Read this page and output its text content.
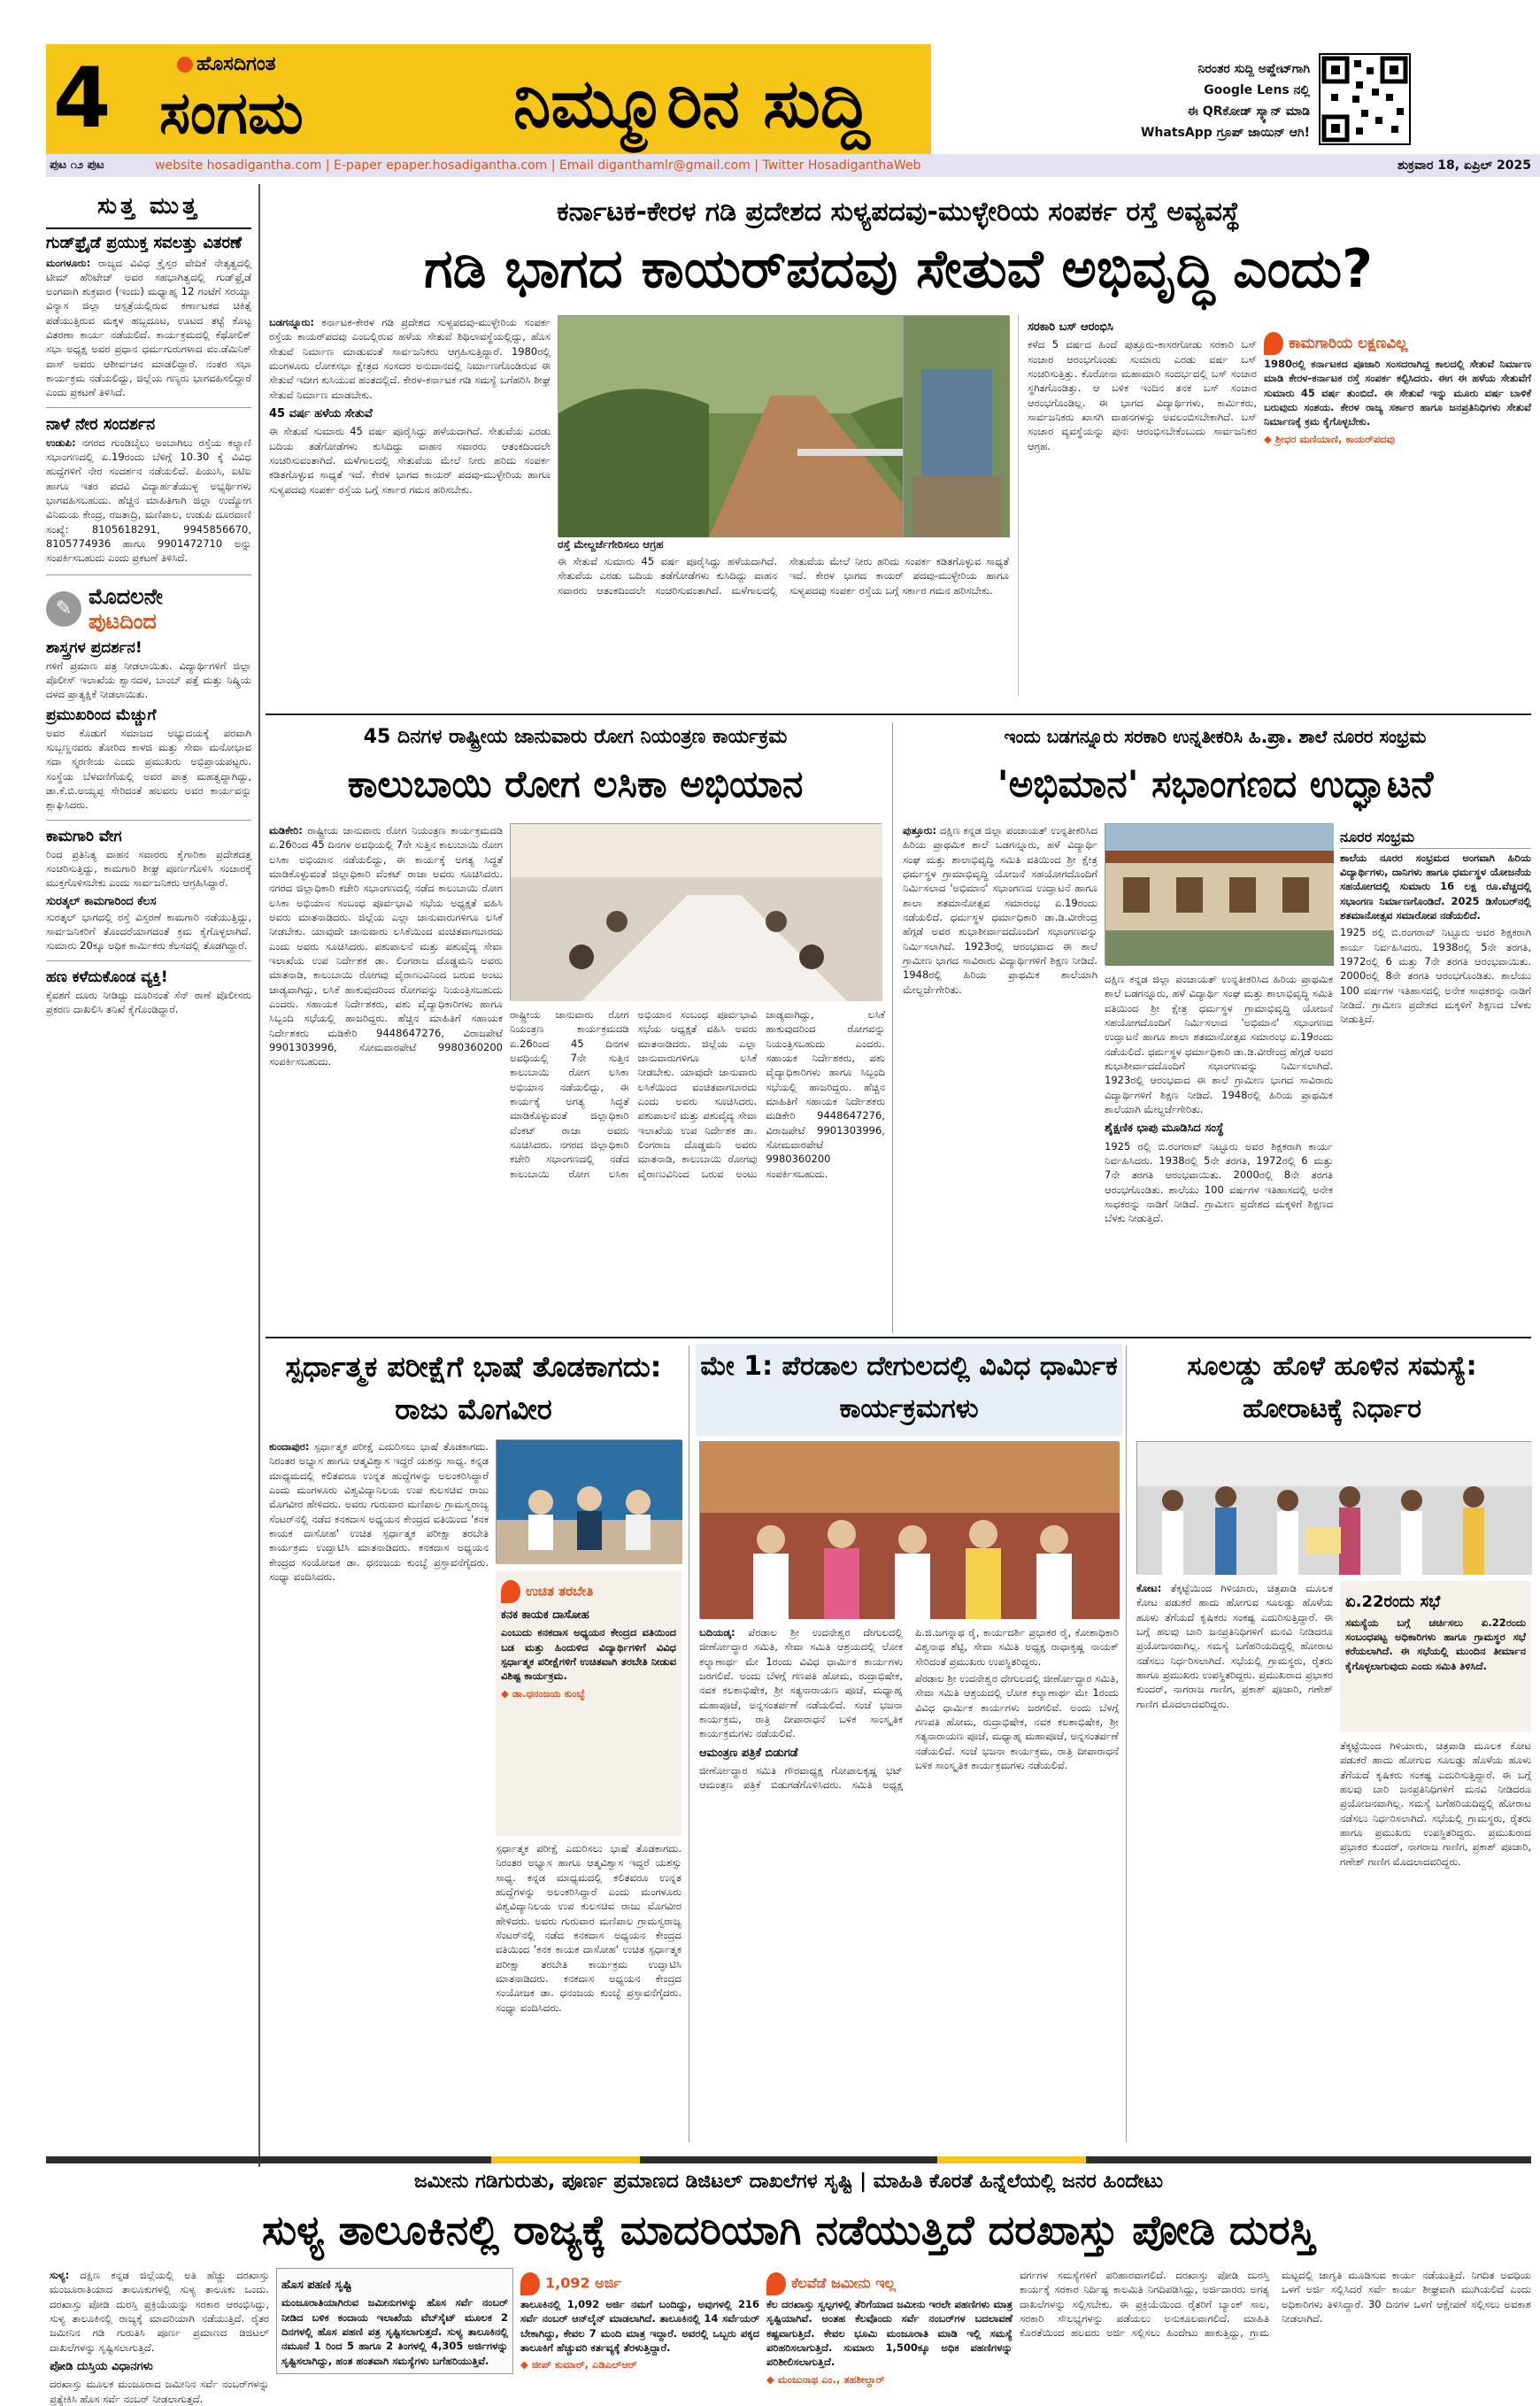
4	ಹೊಸದಿಗಂತ
ಸಂಗಮ	ನಿಮ್ಮೂರಿನ ಸುದ್ದಿ	ನಿರಂತರ ಸುದ್ದಿ ಅಪ್ಡೇಟ್‌ಗಾಗಿ
Google Lens ನಲ್ಲಿ
ಈ QRಕೋಡ್ ಸ್ಕ್ಯಾನ್ ಮಾಡಿ
WhatsApp ಗ್ರೂಪ್ ಜಾಯಿನ್ ಆಗಿ!
ಪುಟ ೧೨ ಪುಟ	website hosadigantha.com | E-paper epaper.hosadigantha.com | Email diganthamlr@gmail.com | Twitter HosadiganthaWeb	ಶುಕ್ರವಾರ 18, ಏಪ್ರಿಲ್ 2025
ಸುತ್ತ ಮುತ್ತ
ಗುಡ್‌ಫ್ರೈಡೆ ಪ್ರಯುಕ್ತ ಸವಲತ್ತು ವಿತರಣೆ
ಮಂಗಳೂರು: ರಾಜ್ಯದ ವಿವಿಧ ಕ್ರೈಸ್ತರ ವೇದಿಕೆ ನೇತೃತ್ವದಲ್ಲಿ ಟೀಮ್ ಹೆರಿಟೇಜ್ ಅವರ ಸಹಭಾಗಿತ್ವದಲ್ಲಿ ಗುಡ್‌ಫ್ರೈಡೆ ಅಂಗವಾಗಿ ಶುಕ್ರವಾರ (ಇಂದು) ಮಧ್ಯಾಹ್ನ 12 ಗಂಟೆಗೆ ಸರಯ್ಯಾ ವಿನ್ಯಾಸ ಜಿಲ್ಲಾ ಆಸ್ಪತ್ರೆಯಲ್ಲಿರುವ ಕರ್ಣಾಟಕದ ಚಿಕಿತ್ಸೆ ಪಡೆಯುತ್ತಿರುವ ಮಕ್ಕಳ ಹಬ್ಬದೂಟ, ಊಟದ ತಟ್ಟೆ ಕೊಟ್ಟ ವಿತರಣಾ ಕಾರ್ಯ ನಡೆಯಲಿದೆ. ಕಾರ್ಯಕ್ರಮದಲ್ಲಿ ಕೆಥೋಲಿಕ್ ಸಭಾ ಅಧ್ಯಕ್ಷ ಅವರ ಪ್ರಧಾನ ಧರ್ಮಗುರುಗಳಾದ ವಂ.ಡೆಮಿನಿಕ್ ವಾಸ್ ಅವರು ಆಶೀರ್ವಚನ ಮಾಡಲಿದ್ದಾರೆ. ನಂತರ ಸಭಾ ಕಾರ್ಯಕ್ರಮ ನಡೆಯಲಿದ್ದು, ಜಿಲ್ಲೆಯ ಗಣ್ಯರು ಭಾಗವಹಿಸಲಿದ್ದಾರೆ ಎಂದು ಪ್ರಕಟಣೆ ತಿಳಿಸಿದೆ.
ನಾಳೆ ನೇರ ಸಂದರ್ಶನ
ಉಡುಪಿ: ನಗರದ ಗುಂಡಿಬೈಲು ಅಂಬಾಗಿಲು ರಸ್ತೆಯ ಕಲ್ಯಾಣಿ ಸಭಾಂಗಣದಲ್ಲಿ ಏ.19ರಂದು ಬೆಳಿಗ್ಗೆ 10.30 ಕ್ಕೆ ವಿವಿಧ ಹುದ್ದೆಗಳಿಗೆ ನೇರ ಸಂದರ್ಶನ ನಡೆಯಲಿದೆ. ಪಿಯುಸಿ, ಐಟಿಐ ಹಾಗೂ ಇತರ ಪದವಿ ವಿದ್ಯಾರ್ಹತೆಯುಳ್ಳ ಅಭ್ಯರ್ಥಿಗಳು ಭಾಗವಹಿಸಬಹುದು. ಹೆಚ್ಚಿನ ಮಾಹಿತಿಗಾಗಿ ಜಿಲ್ಲಾ ಉದ್ಯೋಗ ವಿನಿಮಯ ಕೇಂದ್ರ, ರಜತಾದ್ರಿ, ಮಣಿಪಾಲ, ಉಡುಪಿ ದೂರವಾಣಿ ಸಂಖ್ಯೆ: 8105618291, 9945856670, 8105774936 ಹಾಗೂ 9901472710 ಅನ್ನು ಸಂಪರ್ಕಿಸಬಹುದು ಎಂದು ಪ್ರಕಟಣೆ ತಿಳಿಸಿದೆ.
✎ ಮೊದಲನೇ
ಪುಟದಿಂದ
ಶಾಸ್ತ್ರಗಳ ಪ್ರದರ್ಶನ!
ಗಳಿಗೆ ಪ್ರಮಾಣ ಪತ್ರ ನೀಡಲಾಯಿತು. ವಿದ್ಯಾರ್ಥಿಗಳಿಗೆ ಜಿಲ್ಲಾ ಪೊಲೀಸ್ ಇಲಾಖೆಯ ಶ್ವಾನದಳ, ಬಾಂಬ್ ಪತ್ತೆ ಮತ್ತು ನಿಷ್ಕ್ರಿಯ ದಳದ ಪ್ರಾತ್ಯಕ್ಷಿಕೆ ನೀಡಲಾಯಿತು.
ಪ್ರಮುಖರಿಂದ ಮೆಚ್ಚುಗೆ
ಅವರ ಕೊಡುಗೆ ಸಮಾಜದ ಅಭ್ಯುದಯಕ್ಕೆ ಪರವಾಗಿ ಸುಬ್ಬಣ್ಣನವರು ತೋರಿದ ಕಾಳಜಿ ಮತ್ತು ಸೇವಾ ಮನೋಭಾವ ಸದಾ ಸ್ಮರಣೀಯ ಎಂದು ಪ್ರಮುಖರು ಅಭಿಪ್ರಾಯಪಟ್ಟರು. ಸಂಸ್ಥೆಯ ಬೆಳವಣಿಗೆಯಲ್ಲಿ ಅವರ ಪಾತ್ರ ಮಹತ್ವದ್ದಾಗಿದ್ದು, ಡಾ.ಕೆ.ಬಿ.ಅಯ್ಯಪ್ಪ ಸೇರಿದಂತೆ ಹಲವರು ಅವರ ಕಾರ್ಯವನ್ನು ಶ್ಲಾಘಿಸಿದರು.
ಕಾಮಗಾರಿ ವೇಗ
ರಿಂದ ಪ್ರತಿನಿತ್ಯ ವಾಹನ ಸವಾರರು ಕೈಗಾರಿಕಾ ಪ್ರದೇಶದತ್ತ ಸಂಚರಿಸುತ್ತಿದ್ದು, ಕಾಮಗಾರಿ ಶೀಘ್ರ ಪೂರ್ಣಗೊಳಿಸಿ ಸಂಚಾರಕ್ಕೆ ಮುಕ್ತಗೊಳಿಸಬೇಕು ಎಂದು ಸಾರ್ವಜನಿಕರು ಆಗ್ರಹಿಸಿದ್ದಾರೆ.
ಸುರತ್ಕಲ್ ಕಾಮಗಾರಿಂದ ಕೆಲಸ
ಸುರತ್ಕಲ್ ಭಾಗದಲ್ಲಿ ರಸ್ತೆ ವಿಸ್ತರಣೆ ಕಾಮಗಾರಿ ನಡೆಯುತ್ತಿದ್ದು, ಸಾರ್ವಜನಿಕರಿಗೆ ತೊಂದರೆಯಾಗದಂತೆ ಕ್ರಮ ಕೈಗೊಳ್ಳಲಾಗಿದೆ. ಸುಮಾರು 20ಕ್ಕೂ ಅಧಿಕ ಕಾರ್ಮಿಕರು ಕೆಲಸದಲ್ಲಿ ತೊಡಗಿದ್ದಾರೆ.
ಹಣ ಕಳೆದುಕೊಂಡ ವ್ಯಕ್ತಿ!
ಕೈವಶಗೆ ದೂರು ನೀಡಿದ್ದು ದೂರಿನಂತೆ ಸೆನ್ ಠಾಣೆ ಪೊಲೀಸರು ಪ್ರಕರಣ ದಾಖಲಿಸಿ ತನಿಖೆ ಕೈಗೊಂಡಿದ್ದಾರೆ.
ಕರ್ನಾಟಕ-ಕೇರಳ ಗಡಿ ಪ್ರದೇಶದ ಸುಳ್ಯಪದವು-ಮುಳ್ಳೇರಿಯ ಸಂಪರ್ಕ ರಸ್ತೆ ಅವ್ಯವಸ್ಥೆ
ಗಡಿ ಭಾಗದ ಕಾಯರ್‌ಪದವು ಸೇತುವೆ ಅಭಿವೃದ್ಧಿ ಎಂದು?

ಬಡಗನ್ನೂರು: ಕರ್ನಾಟಕ-ಕೇರಳ ಗಡಿ ಪ್ರದೇಶದ ಸುಳ್ಯಪದವು-ಮುಳ್ಳೇರಿಯ ಸಂಪರ್ಕ ರಸ್ತೆಯ ಕಾಯರ್‌ಪದವು ಎಂಬಲ್ಲಿರುವ ಹಳೆಯ ಸೇತುವೆ ಶಿಥಿಲಾವಸ್ಥೆಯಲ್ಲಿದ್ದು, ಹೊಸ ಸೇತುವೆ ನಿರ್ಮಾಣ ಮಾಡುವಂತೆ ಸಾರ್ವಜನಿಕರು ಆಗ್ರಹಿಸುತ್ತಿದ್ದಾರೆ. 1980ರಲ್ಲಿ ಮಂಗಳೂರು ಲೋಕಸಭಾ ಕ್ಷೇತ್ರದ ಸಂಸದರ ಅನುದಾನದಲ್ಲಿ ನಿರ್ಮಾಣಗೊಂಡಿರುವ ಈ ಸೇತುವೆ ಇದೀಗ ಕುಸಿಯುವ ಹಂತದಲ್ಲಿದೆ. ಕೇರಳ-ಕರ್ನಾಟಕ ಗಡಿ ಸಮಸ್ಯೆ ಬಗೆಹರಿಸಿ ಶೀಘ್ರ ಸೇತುವೆ ನಿರ್ಮಾಣ ಮಾಡಬೇಕು.

45 ವರ್ಷ ಹಳೆಯ ಸೇತುವೆ

ಈ ಸೇತುವೆ ಸುಮಾರು 45 ವರ್ಷ ಪೂರೈಸಿದ್ದು ಹಳೆಯದಾಗಿದೆ. ಸೇತುವೆಯ ಎರಡು ಬದಿಯ ತಡೆಗೋಡೆಗಳು ಕುಸಿದಿದ್ದು ವಾಹನ ಸವಾರರು ಆತಂಕದಿಂದಲೇ ಸಂಚರಿಸುವಂತಾಗಿದೆ. ಮಳೆಗಾಲದಲ್ಲಿ ಸೇತುವೆಯ ಮೇಲೆ ನೀರು ಹರಿದು ಸಂಪರ್ಕ ಕಡಿತಗೊಳ್ಳುವ ಸಾಧ್ಯತೆ ಇದೆ. ಕೇರಳ ಭಾಗದ ಕಾಯರ್ ಪದವು-ಮುಳ್ಳೇರಿಯ ಹಾಗೂ ಸುಳ್ಯಪದವು ಸಂಪರ್ಕ ರಸ್ತೆಯ ಬಗ್ಗೆ ಸರ್ಕಾರ ಗಮನ ಹರಿಸಬೇಕು.

ರಸ್ತೆ ಮೇಲ್ದರ್ಜೆಗೇರಿಸಲು ಆಗ್ರಹ

ಈ ಸೇತುವೆ ಸುಮಾರು 45 ವರ್ಷ ಪೂರೈಸಿದ್ದು ಹಳೆಯದಾಗಿದೆ. ಸೇತುವೆಯ ಎರಡು ಬದಿಯ ತಡೆಗೋಡೆಗಳು ಕುಸಿದಿದ್ದು ವಾಹನ ಸವಾರರು ಆತಂಕದಿಂದಲೇ ಸಂಚರಿಸುವಂತಾಗಿದೆ. ಮಳೆಗಾಲದಲ್ಲಿ ಸೇತುವೆಯ ಮೇಲೆ ನೀರು ಹರಿದು ಸಂಪರ್ಕ ಕಡಿತಗೊಳ್ಳುವ ಸಾಧ್ಯತೆ ಇದೆ. ಕೇರಳ ಭಾಗದ ಕಾಯರ್ ಪದವು-ಮುಳ್ಳೇರಿಯ ಹಾಗೂ ಸುಳ್ಯಪದವು ಸಂಪರ್ಕ ರಸ್ತೆಯ ಬಗ್ಗೆ ಸರ್ಕಾರ ಗಮನ ಹರಿಸಬೇಕು.

ಸರಕಾರಿ ಬಸ್ ಆರಂಭಿಸಿ

ಕಳೆದ 5 ವರ್ಷದ ಹಿಂದೆ ಪುತ್ತೂರು-ಕಾಸರಗೋಡು ಸರಕಾರಿ ಬಸ್ ಸಂಚಾರ ಆರಂಭಗೊಂಡು ಸುಮಾರು ಎರಡು ವರ್ಷ ಬಸ್ ಸಂಚರಿಸುತ್ತಿತ್ತು. ಕೊರೋನಾ ಮಹಾಮಾರಿ ಸಂದರ್ಭದಲ್ಲಿ ಬಸ್ ಸಂಚಾರ ಸ್ಥಗಿತಗೊಂಡಿತ್ತು. ಆ ಬಳಿಕ ಇಂದಿನ ತನಕ ಬಸ್ ಸಂಚಾರ ಆರಂಭಗೊಂಡಿಲ್ಲ. ಈ ಭಾಗದ ವಿದ್ಯಾರ್ಥಿಗಳು, ಕಾರ್ಮಿಕರು, ಸಾರ್ವಜನಿಕರು ಖಾಸಗಿ ವಾಹನಗಳನ್ನು ಅವಲಂಬಿಸಬೇಕಾಗಿದೆ. ಬಸ್ ಸಂಚಾರ ವ್ಯವಸ್ಥೆಯನ್ನು ಪುನಃ ಆರಂಭಿಸಬೇಕೆಂಬುದು ಸಾರ್ವಜನಿಕರ ಆಗ್ರಹ.

ಕಾಮಗಾರಿಯ ಲಕ್ಷಣವಿಲ್ಲ

1980ರಲ್ಲಿ ಕರ್ನಾಟಕದ ಪೂಜಾರಿ ಸಂಸದರಾಗಿದ್ದ ಕಾಲದಲ್ಲಿ ಸೇತುವೆ ನಿರ್ಮಾಣ ಮಾಡಿ ಕೇರಳ-ಕರ್ನಾಟಕ ರಸ್ತೆ ಸಂಪರ್ಕ ಕಲ್ಪಿಸಿದರು. ಈಗ ಈ ಹಳೆಯ ಸೇತುವೆಗೆ ಸುಮಾರು 45 ವರ್ಷ ತುಂಬಿದೆ. ಈ ಸೇತುವೆ ಇನ್ನು ಮೂರು ವರ್ಷ ಬಾಳಿಕೆ ಬರುವುದು ಸಂಶಯ. ಕೇರಳ ರಾಜ್ಯ ಸರ್ಕಾರ ಹಾಗೂ ಜನಪ್ರತಿನಿಧಿಗಳು ಸೇತುವೆ ನಿರ್ಮಾಣಕ್ಕೆ ಕ್ರಮ ಕೈಗೊಳ್ಳಬೇಕು.

◆ ಶ್ರೀಧರ ಮಣಿಯಾಣಿ, ಕಾಯರ್‌ಪದವು

45 ದಿನಗಳ ರಾಷ್ಟ್ರೀಯ ಜಾನುವಾರು ರೋಗ ನಿಯಂತ್ರಣ ಕಾರ್ಯಕ್ರಮ
ಕಾಲುಬಾಯಿ ರೋಗ ಲಸಿಕಾ ಅಭಿಯಾನ

ಮಡಿಕೇರಿ: ರಾಷ್ಟ್ರೀಯ ಜಾನುವಾರು ರೋಗ ನಿಯಂತ್ರಣ ಕಾರ್ಯಕ್ರಮದಡಿ ಏ.26ರಿಂದ 45 ದಿನಗಳ ಅವಧಿಯಲ್ಲಿ 7ನೇ ಸುತ್ತಿನ ಕಾಲುಬಾಯಿ ರೋಗ ಲಸಿಕಾ ಅಭಿಯಾನ ನಡೆಯಲಿದ್ದು, ಈ ಕಾರ್ಯಕ್ಕೆ ಅಗತ್ಯ ಸಿದ್ಧತೆ ಮಾಡಿಕೊಳ್ಳುವಂತೆ ಜಿಲ್ಲಾಧಿಕಾರಿ ವೆಂಕಟ್ ರಾಜಾ ಅವರು ಸೂಚಿಸಿದರು. ನಗರದ ಜಿಲ್ಲಾಧಿಕಾರಿ ಕಚೇರಿ ಸಭಾಂಗಣದಲ್ಲಿ ನಡೆದ ಕಾಲುಬಾಯಿ ರೋಗ ಲಸಿಕಾ ಅಭಿಯಾನ ಸಂಬಂಧ ಪೂರ್ವಭಾವಿ ಸಭೆಯ ಅಧ್ಯಕ್ಷತೆ ವಹಿಸಿ ಅವರು ಮಾತನಾಡಿದರು. ಜಿಲ್ಲೆಯ ಎಲ್ಲಾ ಜಾನುವಾರುಗಳಿಗೂ ಲಸಿಕೆ ನೀಡಬೇಕು. ಯಾವುದೇ ಜಾನುವಾರು ಲಸಿಕೆಯಿಂದ ವಂಚಿತವಾಗಬಾರದು ಎಂದು ಅವರು ಸೂಚಿಸಿದರು. ಪಶುಪಾಲನೆ ಮತ್ತು ಪಶುವೈದ್ಯ ಸೇವಾ ಇಲಾಖೆಯ ಉಪ ನಿರ್ದೇಶಕ ಡಾ. ಲಿಂಗರಾಜ ದೊಡ್ಡಮನಿ ಅವರು ಮಾತನಾಡಿ, ಕಾಲುಬಾಯಿ ರೋಗವು ವೈರಾಣುವಿನಿಂದ ಬರುವ ಅಂಟು ಜಾಡ್ಯವಾಗಿದ್ದು, ಲಸಿಕೆ ಹಾಕುವುದರಿಂದ ರೋಗವನ್ನು ನಿಯಂತ್ರಿಸಬಹುದು ಎಂದರು. ಸಹಾಯಕ ನಿರ್ದೇಶಕರು, ಪಶು ವೈದ್ಯಾಧಿಕಾರಿಗಳು ಹಾಗೂ ಸಿಬ್ಬಂದಿ ಸಭೆಯಲ್ಲಿ ಹಾಜರಿದ್ದರು. ಹೆಚ್ಚಿನ ಮಾಹಿತಿಗೆ ಸಹಾಯಕ ನಿರ್ದೇಶಕರು ಮಡಿಕೇರಿ 9448647276, ವಿರಾಜಪೇಟೆ 9901303996, ಸೋಮವಾರಪೇಟೆ 9980360200 ಸಂಪರ್ಕಿಸಬಹುದು.

ರಾಷ್ಟ್ರೀಯ ಜಾನುವಾರು ರೋಗ ನಿಯಂತ್ರಣ ಕಾರ್ಯಕ್ರಮದಡಿ ಏ.26ರಿಂದ 45 ದಿನಗಳ ಅವಧಿಯಲ್ಲಿ 7ನೇ ಸುತ್ತಿನ ಕಾಲುಬಾಯಿ ರೋಗ ಲಸಿಕಾ ಅಭಿಯಾನ ನಡೆಯಲಿದ್ದು, ಈ ಕಾರ್ಯಕ್ಕೆ ಅಗತ್ಯ ಸಿದ್ಧತೆ ಮಾಡಿಕೊಳ್ಳುವಂತೆ ಜಿಲ್ಲಾಧಿಕಾರಿ ವೆಂಕಟ್ ರಾಜಾ ಅವರು ಸೂಚಿಸಿದರು. ನಗರದ ಜಿಲ್ಲಾಧಿಕಾರಿ ಕಚೇರಿ ಸಭಾಂಗಣದಲ್ಲಿ ನಡೆದ ಕಾಲುಬಾಯಿ ರೋಗ ಲಸಿಕಾ ಅಭಿಯಾನ ಸಂಬಂಧ ಪೂರ್ವಭಾವಿ ಸಭೆಯ ಅಧ್ಯಕ್ಷತೆ ವಹಿಸಿ ಅವರು ಮಾತನಾಡಿದರು. ಜಿಲ್ಲೆಯ ಎಲ್ಲಾ ಜಾನುವಾರುಗಳಿಗೂ ಲಸಿಕೆ ನೀಡಬೇಕು. ಯಾವುದೇ ಜಾನುವಾರು ಲಸಿಕೆಯಿಂದ ವಂಚಿತವಾಗಬಾರದು ಎಂದು ಅವರು ಸೂಚಿಸಿದರು. ಪಶುಪಾಲನೆ ಮತ್ತು ಪಶುವೈದ್ಯ ಸೇವಾ ಇಲಾಖೆಯ ಉಪ ನಿರ್ದೇಶಕ ಡಾ. ಲಿಂಗರಾಜ ದೊಡ್ಡಮನಿ ಅವರು ಮಾತನಾಡಿ, ಕಾಲುಬಾಯಿ ರೋಗವು ವೈರಾಣುವಿನಿಂದ ಬರುವ ಅಂಟು ಜಾಡ್ಯವಾಗಿದ್ದು, ಲಸಿಕೆ ಹಾಕುವುದರಿಂದ ರೋಗವನ್ನು ನಿಯಂತ್ರಿಸಬಹುದು ಎಂದರು. ಸಹಾಯಕ ನಿರ್ದೇಶಕರು, ಪಶು ವೈದ್ಯಾಧಿಕಾರಿಗಳು ಹಾಗೂ ಸಿಬ್ಬಂದಿ ಸಭೆಯಲ್ಲಿ ಹಾಜರಿದ್ದರು. ಹೆಚ್ಚಿನ ಮಾಹಿತಿಗೆ ಸಹಾಯಕ ನಿರ್ದೇಶಕರು ಮಡಿಕೇರಿ 9448647276, ವಿರಾಜಪೇಟೆ 9901303996, ಸೋಮವಾರಪೇಟೆ 9980360200 ಸಂಪರ್ಕಿಸಬಹುದು.

ಇಂದು ಬಡಗನ್ನೂರು ಸರಕಾರಿ ಉನ್ನತೀಕರಿಸಿ ಹಿ.ಪ್ರಾ. ಶಾಲೆ ನೂರರ ಸಂಭ್ರಮ
'ಅಭಿಮಾನ' ಸಭಾಂಗಣದ ಉದ್ಘಾಟನೆ

ಪುತ್ತೂರು: ದಕ್ಷಿಣ ಕನ್ನಡ ಜಿಲ್ಲಾ ಪಂಚಾಯತ್ ಉನ್ನತೀಕರಿಸಿದ ಹಿರಿಯ ಪ್ರಾಥಮಿಕ ಶಾಲೆ ಬಡಗನ್ನೂರು, ಹಳೆ ವಿದ್ಯಾರ್ಥಿ ಸಂಘ ಮತ್ತು ಶಾಲಾಭಿವೃದ್ಧಿ ಸಮಿತಿ ವತಿಯಿಂದ ಶ್ರೀ ಕ್ಷೇತ್ರ ಧರ್ಮಸ್ಥಳ ಗ್ರಾಮಾಭಿವೃದ್ಧಿ ಯೋಜನೆ ಸಹಯೋಗದೊಂದಿಗೆ ನಿರ್ಮಿಸಲಾದ 'ಅಭಿಮಾನ' ಸಭಾಂಗಣದ ಉದ್ಘಾಟನೆ ಹಾಗೂ ಶಾಲಾ ಶತಮಾನೋತ್ಸವ ಸಮಾರಂಭ ಏ.19ರಂದು ನಡೆಯಲಿದೆ. ಧರ್ಮಸ್ಥಳ ಧರ್ಮಾಧಿಕಾರಿ ಡಾ.ಡಿ.ವೀರೇಂದ್ರ ಹೆಗ್ಗಡೆ ಅವರ ಶುಭಾಶೀರ್ವಾದದೊಂದಿಗೆ ಸಭಾಂಗಣವನ್ನು ನಿರ್ಮಿಸಲಾಗಿದೆ. 1923ರಲ್ಲಿ ಆರಂಭವಾದ ಈ ಶಾಲೆ ಗ್ರಾಮೀಣ ಭಾಗದ ಸಾವಿರಾರು ವಿದ್ಯಾರ್ಥಿಗಳಿಗೆ ಶಿಕ್ಷಣ ನೀಡಿದೆ. 1948ರಲ್ಲಿ ಹಿರಿಯ ಪ್ರಾಥಮಿಕ ಶಾಲೆಯಾಗಿ ಮೇಲ್ದರ್ಜೆಗೇರಿತು.

ದಕ್ಷಿಣ ಕನ್ನಡ ಜಿಲ್ಲಾ ಪಂಚಾಯತ್ ಉನ್ನತೀಕರಿಸಿದ ಹಿರಿಯ ಪ್ರಾಥಮಿಕ ಶಾಲೆ ಬಡಗನ್ನೂರು, ಹಳೆ ವಿದ್ಯಾರ್ಥಿ ಸಂಘ ಮತ್ತು ಶಾಲಾಭಿವೃದ್ಧಿ ಸಮಿತಿ ವತಿಯಿಂದ ಶ್ರೀ ಕ್ಷೇತ್ರ ಧರ್ಮಸ್ಥಳ ಗ್ರಾಮಾಭಿವೃದ್ಧಿ ಯೋಜನೆ ಸಹಯೋಗದೊಂದಿಗೆ ನಿರ್ಮಿಸಲಾದ 'ಅಭಿಮಾನ' ಸಭಾಂಗಣದ ಉದ್ಘಾಟನೆ ಹಾಗೂ ಶಾಲಾ ಶತಮಾನೋತ್ಸವ ಸಮಾರಂಭ ಏ.19ರಂದು ನಡೆಯಲಿದೆ. ಧರ್ಮಸ್ಥಳ ಧರ್ಮಾಧಿಕಾರಿ ಡಾ.ಡಿ.ವೀರೇಂದ್ರ ಹೆಗ್ಗಡೆ ಅವರ ಶುಭಾಶೀರ್ವಾದದೊಂದಿಗೆ ಸಭಾಂಗಣವನ್ನು ನಿರ್ಮಿಸಲಾಗಿದೆ. 1923ರಲ್ಲಿ ಆರಂಭವಾದ ಈ ಶಾಲೆ ಗ್ರಾಮೀಣ ಭಾಗದ ಸಾವಿರಾರು ವಿದ್ಯಾರ್ಥಿಗಳಿಗೆ ಶಿಕ್ಷಣ ನೀಡಿದೆ. 1948ರಲ್ಲಿ ಹಿರಿಯ ಪ್ರಾಥಮಿಕ ಶಾಲೆಯಾಗಿ ಮೇಲ್ದರ್ಜೆಗೇರಿತು.

ಶೈಕ್ಷಣಿಕ ಛಾಪು ಮೂಡಿಸಿದ ಸಂಸ್ಥೆ

1925 ರಲ್ಲಿ ಬಿ.ರಂಗರಾವ್ ನಿಟ್ಟೂರು ಅವರ ಶಿಕ್ಷಕರಾಗಿ ಕಾರ್ಯ ನಿರ್ವಹಿಸಿದರು. 1938ರಲ್ಲಿ 5ನೇ ತರಗತಿ, 1972ರಲ್ಲಿ 6 ಮತ್ತು 7ನೇ ತರಗತಿ ಆರಂಭವಾಯಿತು. 2000ರಲ್ಲಿ 8ನೇ ತರಗತಿ ಆರಂಭಗೊಂಡಿತು. ಶಾಲೆಯು 100 ವರ್ಷಗಳ ಇತಿಹಾಸದಲ್ಲಿ ಅನೇಕ ಸಾಧಕರನ್ನು ನಾಡಿಗೆ ನೀಡಿದೆ. ಗ್ರಾಮೀಣ ಪ್ರದೇಶದ ಮಕ್ಕಳಿಗೆ ಶಿಕ್ಷಣದ ಬೆಳಕು ನೀಡುತ್ತಿದೆ.

ನೂರರ ಸಂಭ್ರಮ

ಶಾಲೆಯ ನೂರರ ಸಂಭ್ರಮದ ಅಂಗವಾಗಿ ಹಿರಿಯ ವಿದ್ಯಾರ್ಥಿಗಳು, ದಾನಿಗಳು ಹಾಗೂ ಧರ್ಮಸ್ಥಳ ಯೋಜನೆಯ ಸಹಯೋಗದಲ್ಲಿ ಸುಮಾರು 16 ಲಕ್ಷ ರೂ.ವೆಚ್ಚದಲ್ಲಿ ಸಭಾಂಗಣ ನಿರ್ಮಾಣಗೊಂಡಿದೆ. 2025 ಡಿಸೆಂಬರ್‌ನಲ್ಲಿ ಶತಮಾನೋತ್ಸವ ಸಮಾರೋಪ ನಡೆಯಲಿದೆ.

1925 ರಲ್ಲಿ ಬಿ.ರಂಗರಾವ್ ನಿಟ್ಟೂರು ಅವರ ಶಿಕ್ಷಕರಾಗಿ ಕಾರ್ಯ ನಿರ್ವಹಿಸಿದರು. 1938ರಲ್ಲಿ 5ನೇ ತರಗತಿ, 1972ರಲ್ಲಿ 6 ಮತ್ತು 7ನೇ ತರಗತಿ ಆರಂಭವಾಯಿತು. 2000ರಲ್ಲಿ 8ನೇ ತರಗತಿ ಆರಂಭಗೊಂಡಿತು. ಶಾಲೆಯು 100 ವರ್ಷಗಳ ಇತಿಹಾಸದಲ್ಲಿ ಅನೇಕ ಸಾಧಕರನ್ನು ನಾಡಿಗೆ ನೀಡಿದೆ. ಗ್ರಾಮೀಣ ಪ್ರದೇಶದ ಮಕ್ಕಳಿಗೆ ಶಿಕ್ಷಣದ ಬೆಳಕು ನೀಡುತ್ತಿದೆ.

ಸ್ಪರ್ಧಾತ್ಮಕ ಪರೀಕ್ಷೆಗೆ ಭಾಷೆ ತೊಡಕಾಗದು: ರಾಜು ಮೊಗವೀರ

ಕುಂದಾಪುರ: ಸ್ಪರ್ಧಾತ್ಮಕ ಪರೀಕ್ಷೆ ಎದುರಿಸಲು ಭಾಷೆ ತೊಡಕಾಗದು. ನಿರಂತರ ಅಭ್ಯಾಸ ಹಾಗೂ ಆತ್ಮವಿಶ್ವಾಸ ಇದ್ದರೆ ಯಶಸ್ಸು ಸಾಧ್ಯ. ಕನ್ನಡ ಮಾಧ್ಯಮದಲ್ಲಿ ಕಲಿತವರೂ ಉನ್ನತ ಹುದ್ದೆಗಳನ್ನು ಅಲಂಕರಿಸಿದ್ದಾರೆ ಎಂದು ಮಂಗಳೂರು ವಿಶ್ವವಿದ್ಯಾನಿಲಯ ಉಪ ಕುಲಸಚಿವ ರಾಜು ಮೊಗವೀರ ಹೇಳಿದರು. ಅವರು ಗುರುವಾರ ಮಣಿಪಾಲ ಗ್ರಾಮಸ್ವರಾಜ್ಯ ಸೆಂಟರ್‌ನಲ್ಲಿ ನಡೆದ ಕನಕದಾಸ ಅಧ್ಯಯನ ಕೇಂದ್ರದ ವತಿಯಿಂದ 'ಕನಕ ಕಾಯಕ ದಾಸೋಹ' ಉಚಿತ ಸ್ಪರ್ಧಾತ್ಮಕ ಪರೀಕ್ಷಾ ತರಬೇತಿ ಕಾರ್ಯಕ್ರಮ ಉದ್ಘಾಟಿಸಿ ಮಾತನಾಡಿದರು. ಕನಕದಾಸ ಅಧ್ಯಯನ ಕೇಂದ್ರದ ಸಂಯೋಜಕ ಡಾ. ಧನಂಜಯ ಕುಂಬ್ಳೆ ಪ್ರಸ್ತಾವನೆಗೈದರು. ಸಂಧ್ಯಾ ವಂದಿಸಿದರು.

ಉಚಿತ ತರಬೇತಿ
ಕನಕ ಕಾಯಕ ದಾಸೋಹ

ಎಂಬುದು ಕನಕದಾಸ ಅಧ್ಯಯನ ಕೇಂದ್ರದ ವತಿಯಿಂದ ಬಡ ಮತ್ತು ಹಿಂದುಳಿದ ವಿದ್ಯಾರ್ಥಿಗಳಿಗೆ ವಿವಿಧ ಸ್ಪರ್ಧಾತ್ಮಕ ಪರೀಕ್ಷೆಗಳಿಗೆ ಉಚಿತವಾಗಿ ತರಬೇತಿ ನೀಡುವ ವಿಶಿಷ್ಟ ಕಾರ್ಯಕ್ರಮ.

◆ ಡಾ.ಧನಂಜಯ ಕುಂಬ್ಳೆ

ಸ್ಪರ್ಧಾತ್ಮಕ ಪರೀಕ್ಷೆ ಎದುರಿಸಲು ಭಾಷೆ ತೊಡಕಾಗದು. ನಿರಂತರ ಅಭ್ಯಾಸ ಹಾಗೂ ಆತ್ಮವಿಶ್ವಾಸ ಇದ್ದರೆ ಯಶಸ್ಸು ಸಾಧ್ಯ. ಕನ್ನಡ ಮಾಧ್ಯಮದಲ್ಲಿ ಕಲಿತವರೂ ಉನ್ನತ ಹುದ್ದೆಗಳನ್ನು ಅಲಂಕರಿಸಿದ್ದಾರೆ ಎಂದು ಮಂಗಳೂರು ವಿಶ್ವವಿದ್ಯಾನಿಲಯ ಉಪ ಕುಲಸಚಿವ ರಾಜು ಮೊಗವೀರ ಹೇಳಿದರು. ಅವರು ಗುರುವಾರ ಮಣಿಪಾಲ ಗ್ರಾಮಸ್ವರಾಜ್ಯ ಸೆಂಟರ್‌ನಲ್ಲಿ ನಡೆದ ಕನಕದಾಸ ಅಧ್ಯಯನ ಕೇಂದ್ರದ ವತಿಯಿಂದ 'ಕನಕ ಕಾಯಕ ದಾಸೋಹ' ಉಚಿತ ಸ್ಪರ್ಧಾತ್ಮಕ ಪರೀಕ್ಷಾ ತರಬೇತಿ ಕಾರ್ಯಕ್ರಮ ಉದ್ಘಾಟಿಸಿ ಮಾತನಾಡಿದರು. ಕನಕದಾಸ ಅಧ್ಯಯನ ಕೇಂದ್ರದ ಸಂಯೋಜಕ ಡಾ. ಧನಂಜಯ ಕುಂಬ್ಳೆ ಪ್ರಸ್ತಾವನೆಗೈದರು. ಸಂಧ್ಯಾ ವಂದಿಸಿದರು.

ಮೇ 1: ಪೆರಡಾಲ ದೇಗುಲದಲ್ಲಿ ವಿವಿಧ ಧಾರ್ಮಿಕ ಕಾರ್ಯಕ್ರಮಗಳು

ಬದಿಯಡ್ಕ: ಪೆರಡಾಲ ಶ್ರೀ ಉದನೇಶ್ವರ ದೇಗುಲದಲ್ಲಿ ಜೀರ್ಣೋದ್ಧಾರ ಸಮಿತಿ, ಸೇವಾ ಸಮಿತಿ ಆಶ್ರಯದಲ್ಲಿ ಲೋಕ ಕಲ್ಯಾಣಾರ್ಥ ಮೇ 1ರಂದು ವಿವಿಧ ಧಾರ್ಮಿಕ ಕಾರ್ಯಗಳು ಜರಗಲಿವೆ. ಅಂದು ಬೆಳಗ್ಗೆ ಗಣಪತಿ ಹೋಮ, ರುದ್ರಾಭಿಷೇಕ, ನವಕ ಕಲಶಾಭಿಷೇಕ, ಶ್ರೀ ಸತ್ಯನಾರಾಯಣ ಪೂಜೆ, ಮಧ್ಯಾಹ್ನ ಮಹಾಪೂಜೆ, ಅನ್ನಸಂತರ್ಪಣೆ ನಡೆಯಲಿದೆ. ಸಂಜೆ ಭಜನಾ ಕಾರ್ಯಕ್ರಮ, ರಾತ್ರಿ ದೀಪಾರಾಧನೆ ಬಳಿಕ ಸಾಂಸ್ಕೃತಿಕ ಕಾರ್ಯಕ್ರಮಗಳು ನಡೆಯಲಿವೆ.

ಆಮಂತ್ರಣ ಪತ್ರಿಕೆ ಬಿಡುಗಡೆ

ಜೀರ್ಣೋದ್ಧಾರ ಸಮಿತಿ ಗೌರವಾಧ್ಯಕ್ಷ ಗೋಪಾಲಕೃಷ್ಣ ಭಟ್ ಆಮಂತ್ರಣ ಪತ್ರಿಕೆ ಬಿಡುಗಡೆಗೊಳಿಸಿದರು. ಸಮಿತಿ ಅಧ್ಯಕ್ಷ ಪಿ.ಜಿ.ಜಗನ್ನಾಥ ರೈ, ಕಾರ್ಯದರ್ಶಿ ಪ್ರಭಾಕರ ರೈ, ಕೋಶಾಧಿಕಾರಿ ವಿಶ್ವನಾಥ ಶೆಟ್ಟಿ, ಸೇವಾ ಸಮಿತಿ ಅಧ್ಯಕ್ಷ ರಾಧಾಕೃಷ್ಣ ನಾಯಕ್ ಸೇರಿದಂತೆ ಪ್ರಮುಖರು ಉಪಸ್ಥಿತರಿದ್ದರು.

ಪೆರಡಾಲ ಶ್ರೀ ಉದನೇಶ್ವರ ದೇಗುಲದಲ್ಲಿ ಜೀರ್ಣೋದ್ಧಾರ ಸಮಿತಿ, ಸೇವಾ ಸಮಿತಿ ಆಶ್ರಯದಲ್ಲಿ ಲೋಕ ಕಲ್ಯಾಣಾರ್ಥ ಮೇ 1ರಂದು ವಿವಿಧ ಧಾರ್ಮಿಕ ಕಾರ್ಯಗಳು ಜರಗಲಿವೆ. ಅಂದು ಬೆಳಗ್ಗೆ ಗಣಪತಿ ಹೋಮ, ರುದ್ರಾಭಿಷೇಕ, ನವಕ ಕಲಶಾಭಿಷೇಕ, ಶ್ರೀ ಸತ್ಯನಾರಾಯಣ ಪೂಜೆ, ಮಧ್ಯಾಹ್ನ ಮಹಾಪೂಜೆ, ಅನ್ನಸಂತರ್ಪಣೆ ನಡೆಯಲಿದೆ. ಸಂಜೆ ಭಜನಾ ಕಾರ್ಯಕ್ರಮ, ರಾತ್ರಿ ದೀಪಾರಾಧನೆ ಬಳಿಕ ಸಾಂಸ್ಕೃತಿಕ ಕಾರ್ಯಕ್ರಮಗಳು ನಡೆಯಲಿವೆ.

ಸೂಲಡ್ಡು ಹೊಳೆ ಹೂಳಿನ ಸಮಸ್ಯೆ: ಹೋರಾಟಕ್ಕೆ ನಿರ್ಧಾರ

ಕೋಟ: ತೆಕ್ಕಟ್ಟೆಯಿಂದ ಗಿಳಿಯಾರು, ಚಿತ್ರಪಾಡಿ ಮೂಲಕ ಕೋಟ ಪಡುಕರೆ ಹಾದು ಹೋಗುವ ಸೂಲಡ್ಡು ಹೊಳೆಯ ಹೂಳು ತೆಗೆಯದೆ ಕೃಷಿಕರು ಸಂಕಷ್ಟ ಎದುರಿಸುತ್ತಿದ್ದಾರೆ. ಈ ಬಗ್ಗೆ ಹಲವು ಬಾರಿ ಜನಪ್ರತಿನಿಧಿಗಳಿಗೆ ಮನವಿ ನೀಡಿದರೂ ಪ್ರಯೋಜನವಾಗಿಲ್ಲ. ಸಮಸ್ಯೆ ಬಗೆಹರಿಯದಿದ್ದಲ್ಲಿ ಹೋರಾಟ ನಡೆಸಲು ನಿರ್ಧರಿಸಲಾಗಿದೆ. ಸಭೆಯಲ್ಲಿ ಗ್ರಾಮಸ್ಥರು, ರೈತರು ಹಾಗೂ ಪ್ರಮುಖರು ಉಪಸ್ಥಿತರಿದ್ದರು. ಪ್ರಮುಖರಾದ ಪ್ರಭಾಕರ ಕುಂದರ್, ನಾಗರಾಜ ಗಾಣಿಗ, ಪ್ರಕಾಶ್ ಪೂಜಾರಿ, ಗಣೇಶ್ ಗಾಣಿಗ ಮೊದಲಾದವರಿದ್ದರು.

ಏ.22ರಂದು ಸಭೆ

ಸಮಸ್ಯೆಯ ಬಗ್ಗೆ ಚರ್ಚಿಸಲು ಏ.22ರಂದು ಸಂಬಂಧಪಟ್ಟ ಅಧಿಕಾರಿಗಳು ಹಾಗೂ ಗ್ರಾಮಸ್ಥರ ಸಭೆ ಕರೆಯಲಾಗಿದೆ. ಈ ಸಭೆಯಲ್ಲಿ ಮುಂದಿನ ತೀರ್ಮಾನ ಕೈಗೊಳ್ಳಲಾಗುವುದು ಎಂದು ಸಮಿತಿ ತಿಳಿಸಿದೆ.

ತೆಕ್ಕಟ್ಟೆಯಿಂದ ಗಿಳಿಯಾರು, ಚಿತ್ರಪಾಡಿ ಮೂಲಕ ಕೋಟ ಪಡುಕರೆ ಹಾದು ಹೋಗುವ ಸೂಲಡ್ಡು ಹೊಳೆಯ ಹೂಳು ತೆಗೆಯದೆ ಕೃಷಿಕರು ಸಂಕಷ್ಟ ಎದುರಿಸುತ್ತಿದ್ದಾರೆ. ಈ ಬಗ್ಗೆ ಹಲವು ಬಾರಿ ಜನಪ್ರತಿನಿಧಿಗಳಿಗೆ ಮನವಿ ನೀಡಿದರೂ ಪ್ರಯೋಜನವಾಗಿಲ್ಲ. ಸಮಸ್ಯೆ ಬಗೆಹರಿಯದಿದ್ದಲ್ಲಿ ಹೋರಾಟ ನಡೆಸಲು ನಿರ್ಧರಿಸಲಾಗಿದೆ. ಸಭೆಯಲ್ಲಿ ಗ್ರಾಮಸ್ಥರು, ರೈತರು ಹಾಗೂ ಪ್ರಮುಖರು ಉಪಸ್ಥಿತರಿದ್ದರು. ಪ್ರಮುಖರಾದ ಪ್ರಭಾಕರ ಕುಂದರ್, ನಾಗರಾಜ ಗಾಣಿಗ, ಪ್ರಕಾಶ್ ಪೂಜಾರಿ, ಗಣೇಶ್ ಗಾಣಿಗ ಮೊದಲಾದವರಿದ್ದರು.

ಜಮೀನು ಗಡಿಗುರುತು, ಪೂರ್ಣ ಪ್ರಮಾಣದ ಡಿಜಿಟಲ್ ದಾಖಲೆಗಳ ಸೃಷ್ಟಿ | ಮಾಹಿತಿ ಕೊರತೆ ಹಿನ್ನೆಲೆಯಲ್ಲಿ ಜನರ ಹಿಂದೇಟು
ಸುಳ್ಯ ತಾಲೂಕಿನಲ್ಲಿ ರಾಜ್ಯಕ್ಕೆ ಮಾದರಿಯಾಗಿ ನಡೆಯುತ್ತಿದೆ ದರಖಾಸ್ತು ಪೋಡಿ ದುರಸ್ತಿ

ಸುಳ್ಯ: ದಕ್ಷಿಣ ಕನ್ನಡ ಜಿಲ್ಲೆಯಲ್ಲಿ ಅತಿ ಹೆಚ್ಚು ದರಖಾಸ್ತು ಮಂಜೂರಾತಿಯಾದ ತಾಲೂಕುಗಳಲ್ಲಿ ಸುಳ್ಯ ತಾಲೂಕು ಒಂದು. ದರಖಾಸ್ತು ಪೋಡಿ ದುರಸ್ತಿ ಪ್ರಕ್ರಿಯೆಯನ್ನು ಸರಕಾರ ಆರಂಭಿಸಿದ್ದು, ಸುಳ್ಯ ತಾಲೂಕಿನಲ್ಲಿ ರಾಜ್ಯಕ್ಕೆ ಮಾದರಿಯಾಗಿ ನಡೆಯುತ್ತಿದೆ. ರೈತರ ಜಮೀನಿನ ಗಡಿ ಗುರುತಿಸಿ ಪೂರ್ಣ ಪ್ರಮಾಣದ ಡಿಜಿಟಲ್ ದಾಖಲೆಗಳನ್ನು ಸೃಷ್ಟಿಸಲಾಗುತ್ತಿದೆ.

ಪೋಡಿ ದುಸ್ತಿಯ ವಿಧಾನಗಳು

ದರಖಾಸ್ತು ಮೂಲಕ ಮಂಜೂರಾದ ಜಮೀನಿನ ಸರ್ವೆ ನಂಬರ್‌ಗಳನ್ನು ಪ್ರತ್ಯೇಕಿಸಿ ಹೊಸ ಸರ್ವೆ ನಂಬರ್ ನೀಡಲಾಗುತ್ತದೆ.

ಹೊಸ ಪಹಣಿ ಸೃಷ್ಟಿ

ಮಂಜೂರಾತಿಯಾಗಿರುವ ಜಮೀನುಗಳನ್ನು ಹೊಸ ಸರ್ವೆ ನಂಬರ್ ನೀಡಿದ ಬಳಿಕ ಕಂದಾಯ ಇಲಾಖೆಯ ವೆಬ್‌ಸೈಟ್ ಮೂಲಕ 2 ದಿನಗಳಲ್ಲಿ ಹೊಸ ಪಹಣಿ ಪತ್ರ ಸೃಷ್ಟಿಸಲಾಗುತ್ತದೆ. ಸುಳ್ಯ ತಾಲೂಕಿನಲ್ಲಿ ನಮೂನೆ 1 ರಿಂದ 5 ಹಾಗೂ 2 ತಿಂಗಳಲ್ಲಿ 4,305 ಅರ್ಜಿಗಳನ್ನು ಸೃಷ್ಟಿಸಲಾಗಿದ್ದು, ಹಂತ ಹಂತವಾಗಿ ಸಮಸ್ಯೆಗಳು ಬಗೆಹರಿಯುತ್ತಿವೆ.

1,092 ಅರ್ಜಿ

ತಾಲೂಕಿನಲ್ಲಿ 1,092 ಅರ್ಜಿ ನಮಗೆ ಬಂದಿದ್ದು, ಅವುಗಳಲ್ಲಿ 216 ಸರ್ವೆ ನಂಬರ್ ಆನ್‌ಲೈನ್ ಮಾಡಲಾಗಿದೆ. ತಾಲೂಕಿನಲ್ಲಿ 14 ಸರ್ವೆಯರ್ ಬೇಕಾಗಿದ್ದು, ಕೇವಲ 7 ಮಂದಿ ಮಾತ್ರ ಇದ್ದಾರೆ. ಅವರಲ್ಲಿ ಒಬ್ಬರು ಪಕ್ಕದ ತಾಲೂಕಿಗೆ ಹೆಚ್ಚುವರಿ ಕರ್ತವ್ಯಕ್ಕೆ ತೆರಳುತ್ತಿದ್ದಾರೆ.

◆ ಜೀಪ್ ಕುಮಾರ್, ಎಡಿಎಲ್‌ಆರ್

ಕೆಲವೆಡೆ ಜಮೀನು ಇಲ್ಲ

ಕೆಲ ದರಖಾಸ್ತು ಸ್ವಲ್ಪಗಳಲ್ಲಿ ತೆರಿಗೆಯಾದ ಜಮೀನು ಇರಲೇ ಪಹಣಿಗಳು ಮಾತ್ರ ಸೃಷ್ಟಿಯಾಗಿವೆ. ಅಂತಹ ಕೆಲವೊಂದು ಸರ್ವೆ ನಂಬರ್‌ಗಳ ಬದಲಾವಣೆ ಕಷ್ಟವಾಗುತ್ತಿದೆ. ಕೇವಲ ಭೂಮಿ ಮಂಜೂರಾತಿ ಮಾಡಿ ಇಲ್ಲಿ ಸಮಸ್ಯೆ ಪರಿಹರಿಸಲಾಗುತ್ತಿದೆ. ಸುಮಾರು 1,500ಕ್ಕೂ ಅಧಿಕ ಪಹಣಿಗಳನ್ನು ಪರಿಶೀಲಿಸಲಾಗುತ್ತಿದೆ.

◆ ಮಂಜುನಾಥ ಎಂ., ತಹಶೀಲ್ದಾರ್

ವರ್ಗಗಳ ಸಮಸ್ಯೆಗಳಿಗೆ ಪರಿಹಾರವಾಗಲಿದೆ. ದರಖಾಸ್ತು ಪೋಡಿ ದುರಸ್ತಿ ಕಾರ್ಯಕ್ಕೆ ಸರಕಾರ ನಿರ್ದಿಷ್ಟ ಕಾಲಮಿತಿ ನಿಗದಿಪಡಿಸಿದ್ದು, ಅರ್ಜಿದಾರರು ಅಗತ್ಯ ದಾಖಲೆಗಳನ್ನು ಸಲ್ಲಿಸಬೇಕು. ಈ ಪ್ರಕ್ರಿಯೆಯಿಂದ ರೈತರಿಗೆ ಬ್ಯಾಂಕ್ ಸಾಲ, ಸರಕಾರಿ ಸೌಲಭ್ಯಗಳನ್ನು ಪಡೆಯಲು ಅನುಕೂಲವಾಗಲಿದೆ. ಮಾಹಿತಿ ಕೊರತೆಯಿಂದ ಹಲವರು ಅರ್ಜಿ ಸಲ್ಲಿಸಲು ಹಿಂದೇಟು ಹಾಕುತ್ತಿದ್ದು, ಗ್ರಾಮ ಮಟ್ಟದಲ್ಲಿ ಜಾಗೃತಿ ಮೂಡಿಸುವ ಕಾರ್ಯ ನಡೆಯುತ್ತಿದೆ. ನಿಗದಿತ ಅವಧಿಯ ಒಳಗೆ ಅರ್ಜಿ ಸಲ್ಲಿಸಿದರೆ ಸರ್ವೆ ಕಾರ್ಯ ಶೀಘ್ರವಾಗಿ ಮುಗಿಯಲಿದೆ ಎಂದು ಅಧಿಕಾರಿಗಳು ತಿಳಿಸಿದ್ದಾರೆ. 30 ದಿನಗಳ ಒಳಗೆ ಆಕ್ಷೇಪಣೆ ಸಲ್ಲಿಸಲು ಅವಕಾಶ ನೀಡಲಾಗಿದೆ.
